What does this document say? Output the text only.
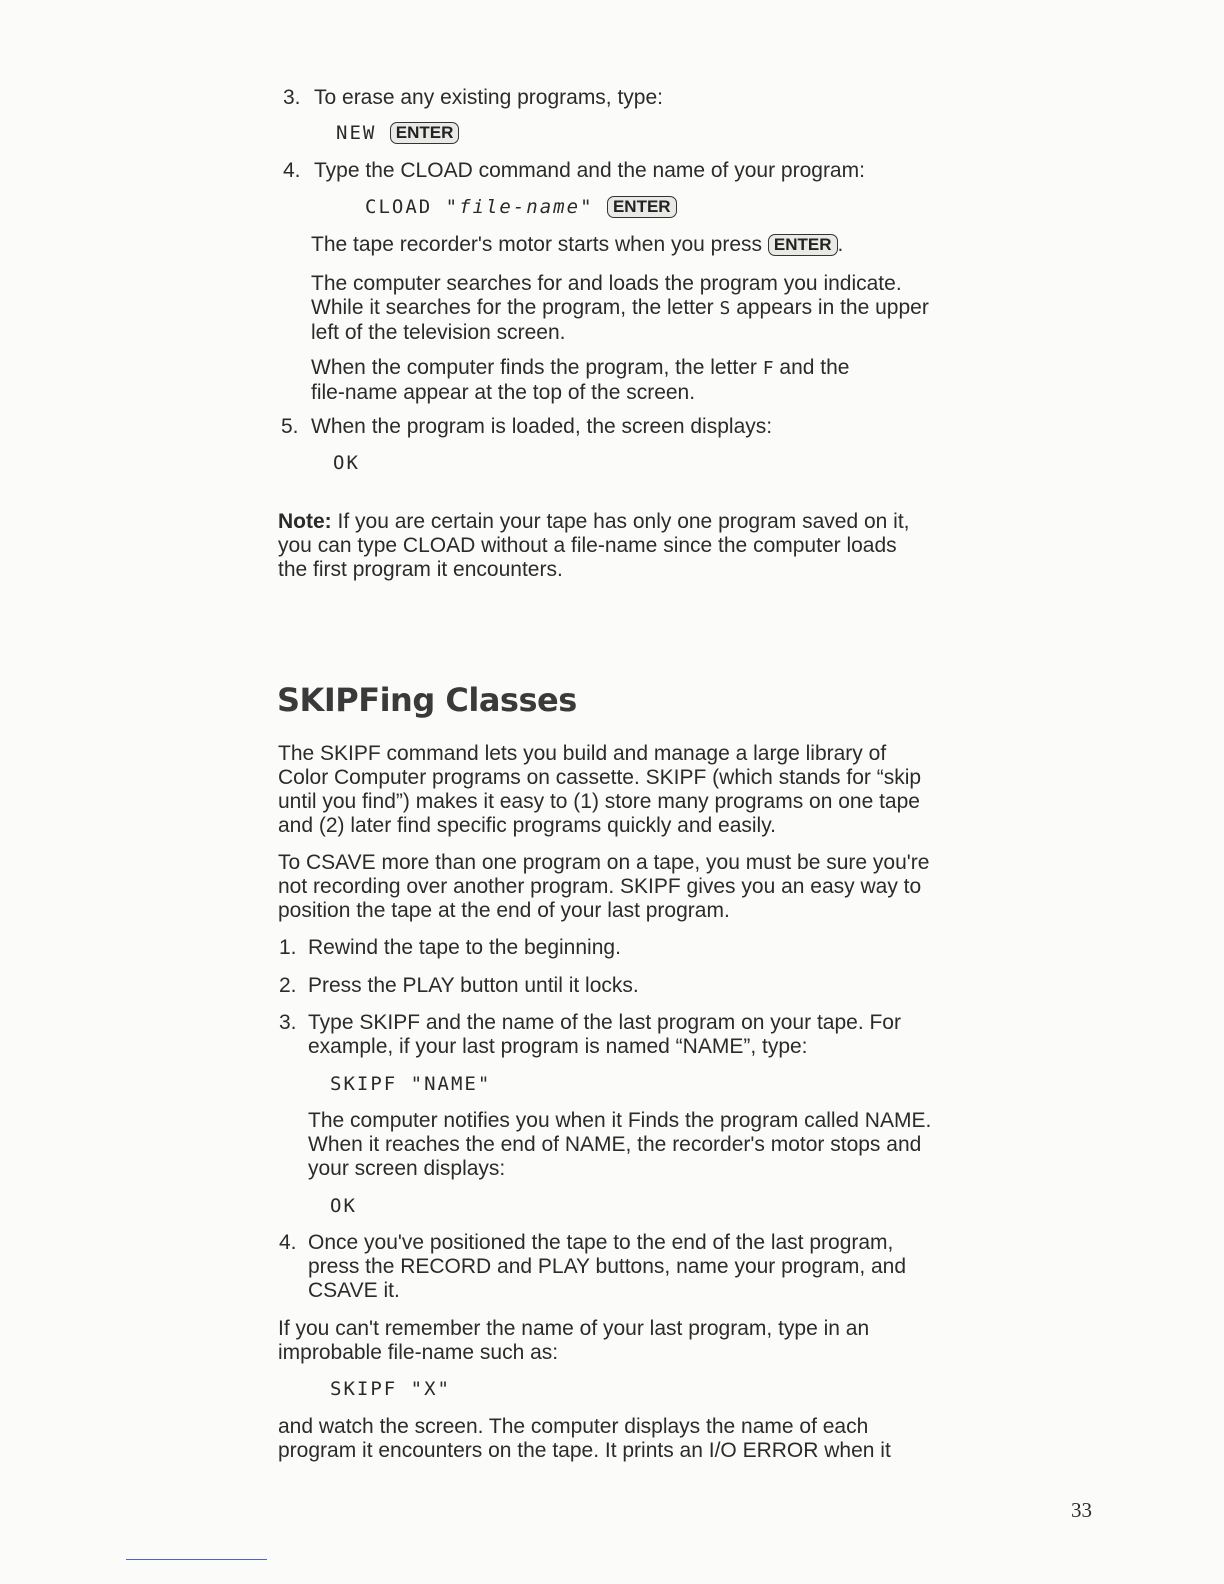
3. To erase any existing programs, type:
NEW ENTER
4. Type the CLOAD command and the name of your program:
CLOAD "file-name" ENTER
The tape recorder's motor starts when you press ENTER .
The computer searches for and loads the program you indicate.
While it searches for the program, the letter S appears in the upper
left of the television screen.
When the computer finds the program, the letter F and the
file-name appear at the top of the screen.
5. When the program is loaded, the screen displays:
OK
Note: If you are certain your tape has only one program saved on it,
you can type CLOAD without a file-name since the computer loads
the first program it encounters.
SKIPFing Classes
The SKIPF command lets you build and manage a large library of
Color Computer programs on cassette. SKIPF (which stands for “skip
until you find”) makes it easy to (1) store many programs on one tape
and (2) later find specific programs quickly and easily.
To CSAVE more than one program on a tape, you must be sure you're
not recording over another program. SKIPF gives you an easy way to
position the tape at the end of your last program.
1. Rewind the tape to the beginning.
2. Press the PLAY button until it locks.
3. Type SKIPF and the name of the last program on your tape. For
example, if your last program is named “NAME”, type:
SKIPF "NAME"
The computer notifies you when it Finds the program called NAME.
When it reaches the end of NAME, the recorder's motor stops and
your screen displays:
OK
4. Once you've positioned the tape to the end of the last program,
press the RECORD and PLAY buttons, name your program, and
CSAVE it.
If you can't remember the name of your last program, type in an
improbable file-name such as:
SKIPF "X"
and watch the screen. The computer displays the name of each
program it encounters on the tape. It prints an I/O ERROR when it
33
